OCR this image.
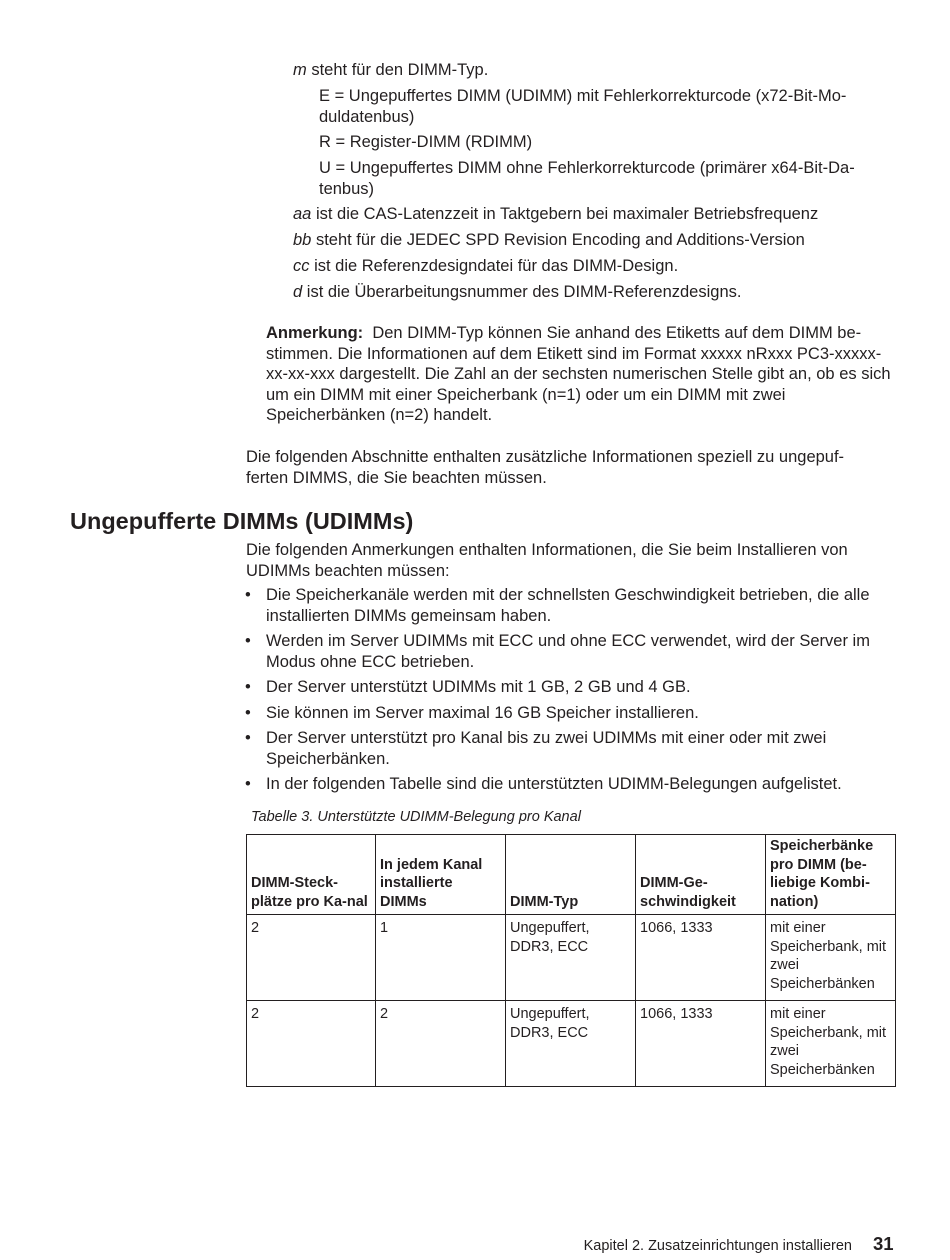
m steht für den DIMM-Typ.

E = Ungepuffertes DIMM (UDIMM) mit Fehlerkorrekturcode (x72-Bit-Mo-duldatenbus)

R = Register-DIMM (RDIMM)

U = Ungepuffertes DIMM ohne Fehlerkorrekturcode (primärer x64-Bit-Da-tenbus)

aa ist die CAS-Latenzzeit in Taktgebern bei maximaler Betriebsfrequenz

bb steht für die JEDEC SPD Revision Encoding and Additions-Version

cc ist die Referenzdesigndatei für das DIMM-Design.

d ist die Überarbeitungsnummer des DIMM-Referenzdesigns.

Anmerkung: Den DIMM-Typ können Sie anhand des Etiketts auf dem DIMM be-stimmen. Die Informationen auf dem Etikett sind im Format xxxxx nRxxx PC3-xxxxx-xx-xx-xxx dargestellt. Die Zahl an der sechsten numerischen Stelle gibt an, ob es sich um ein DIMM mit einer Speicherbank (n=1) oder um ein DIMM mit zwei Speicherbänken (n=2) handelt.

Die folgenden Abschnitte enthalten zusätzliche Informationen speziell zu ungepuf-ferten DIMMS, die Sie beachten müssen.

Ungepufferte DIMMs (UDIMMs)

Die folgenden Anmerkungen enthalten Informationen, die Sie beim Installieren von UDIMMs beachten müssen:

• Die Speicherkanäle werden mit der schnellsten Geschwindigkeit betrieben, die alle installierten DIMMs gemeinsam haben.
• Werden im Server UDIMMs mit ECC und ohne ECC verwendet, wird der Server im Modus ohne ECC betrieben.
• Der Server unterstützt UDIMMs mit 1 GB, 2 GB und 4 GB.
• Sie können im Server maximal 16 GB Speicher installieren.
• Der Server unterstützt pro Kanal bis zu zwei UDIMMs mit einer oder mit zwei Speicherbänken.
• In der folgenden Tabelle sind die unterstützten UDIMM-Belegungen aufgelistet.
Tabelle 3. Unterstützte UDIMM-Belegung pro Kanal
DIMM-Steck-plätze pro Ka-nal	In jedem Kanal installierte DIMMs	DIMM-Typ	DIMM-Ge-schwindigkeit	Speicherbänke pro DIMM (be-liebige Kombi-nation)
2	1	Ungepuffert, DDR3, ECC	1066, 1333	mit einer Speicherbank, mit zwei Speicherbänken
2	2	Ungepuffert, DDR3, ECC	1066, 1333	mit einer Speicherbank, mit zwei Speicherbänken
Kapitel 2. Zusatzeinrichtungen installieren 31
